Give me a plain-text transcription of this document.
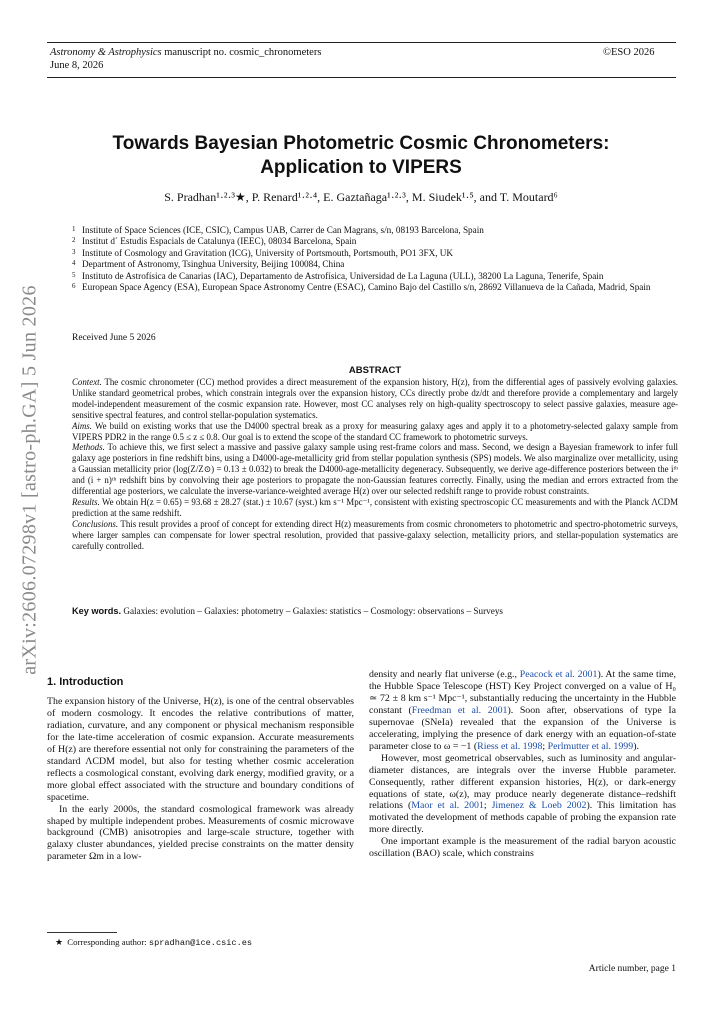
Astronomy & Astrophysics manuscript no. cosmic_chronometers
June 8, 2026
©ESO 2026
arXiv:2606.07298v1 [astro-ph.GA] 5 Jun 2026
Towards Bayesian Photometric Cosmic Chronometers: Application to VIPERS
S. Pradhan¹·²·³★, P. Renard¹·²·⁴, E. Gaztañaga¹·²·³, M. Siudek¹·⁵, and T. Moutard⁶
1 Institute of Space Sciences (ICE, CSIC), Campus UAB, Carrer de Can Magrans, s/n, 08193 Barcelona, Spain
2 Institut d´ Estudis Espacials de Catalunya (IEEC), 08034 Barcelona, Spain
3 Institute of Cosmology and Gravitation (ICG), University of Portsmouth, Portsmouth, PO1 3FX, UK
4 Department of Astronomy, Tsinghua University, Beijing 100084, China
5 Instituto de Astrofísica de Canarias (IAC), Departamento de Astrofísica, Universidad de La Laguna (ULL), 38200 La Laguna, Tenerife, Spain
6 European Space Agency (ESA), European Space Astronomy Centre (ESAC), Camino Bajo del Castillo s/n, 28692 Villanueva de la Cañada, Madrid, Spain
Received June 5 2026
ABSTRACT

Context. The cosmic chronometer (CC) method provides a direct measurement of the expansion history, H(z), from the differential ages of passively evolving galaxies. Unlike standard geometrical probes, which constrain integrals over the expansion history, CCs directly probe dz/dt and therefore provide a complementary and largely model-independent measurement of the cosmic expansion rate. However, most CC analyses rely on high-quality spectroscopy to select passive galaxies, measure age-sensitive spectral features, and control stellar-population systematics.

Aims. We build on existing works that use the D4000 spectral break as a proxy for measuring galaxy ages and apply it to a photometry-selected galaxy sample from VIPERS PDR2 in the range 0.5 ≤ z ≤ 0.8. Our goal is to extend the scope of the standard CC framework to photometric surveys.

Methods. To achieve this, we first select a massive and passive galaxy sample using rest-frame colors and mass. Second, we design a Bayesian framework to infer full galaxy age posteriors in fine redshift bins, using a D4000-age-metallicity grid from stellar population synthesis (SPS) models. We also marginalize over metallicity, using a Gaussian metallicity prior (log(Z/Z⊙) = 0.13 ± 0.032) to break the D4000-age-metallicity degeneracy. Subsequently, we derive age-difference posteriors between the iᵗʰ and (i + n)ᵗʰ redshift bins by convolving their age posteriors to propagate the non-Gaussian features correctly. Finally, using the median and errors extracted from the differential age posteriors, we calculate the inverse-variance-weighted average H(z) over our selected redshift range to provide robust constraints.

Results. We obtain H(z = 0.65) = 93.68 ± 28.27 (stat.) ± 10.67 (syst.) km s⁻¹ Mpc⁻¹, consistent with existing spectroscopic CC measurements and with the Planck ΛCDM prediction at the same redshift.

Conclusions. This result provides a proof of concept for extending direct H(z) measurements from cosmic chronometers to photometric and spectro-photometric surveys, where larger samples can compensate for lower spectral resolution, provided that passive-galaxy selection, metallicity priors, and stellar-population systematics are carefully controlled.

Key words. Galaxies: evolution – Galaxies: photometry – Galaxies: statistics – Cosmology: observations – Surveys
1. Introduction

The expansion history of the Universe, H(z), is one of the central observables of modern cosmology. It encodes the relative contributions of matter, radiation, curvature, and any component or physical mechanism responsible for the late-time acceleration of cosmic expansion. Accurate measurements of H(z) are therefore essential not only for constraining the parameters of the standard ΛCDM model, but also for testing whether cosmic acceleration reflects a cosmological constant, evolving dark energy, modified gravity, or a more global effect associated with the structure and boundary conditions of spacetime.

In the early 2000s, the standard cosmological framework was already shaped by multiple independent probes. Measurements of cosmic microwave background (CMB) anisotropies and large-scale structure, together with galaxy cluster abundances, yielded precise constraints on the matter density parameter Ωm in a low-

density and nearly flat universe (e.g., Peacock et al. 2001). At the same time, the Hubble Space Telescope (HST) Key Project converged on a value of H₀ ≃ 72 ± 8 km s⁻¹ Mpc⁻¹, substantially reducing the uncertainty in the Hubble constant (Freedman et al. 2001). Soon after, observations of type Ia supernovae (SNeIa) revealed that the expansion of the Universe is accelerating, implying the presence of dark energy with an equation-of-state parameter close to ω = −1 (Riess et al. 1998; Perlmutter et al. 1999).

However, most geometrical observables, such as luminosity and angular-diameter distances, are integrals over the inverse Hubble parameter. Consequently, rather different expansion histories, H(z), or dark-energy equations of state, ω(z), may produce nearly degenerate distance–redshift relations (Maor et al. 2001; Jimenez & Loeb 2002). This limitation has motivated the development of methods capable of probing the expansion rate more directly.

One important example is the measurement of the radial baryon acoustic oscillation (BAO) scale, which constrains

★ Corresponding author: spradhan@ice.csic.es
Article number, page 1
